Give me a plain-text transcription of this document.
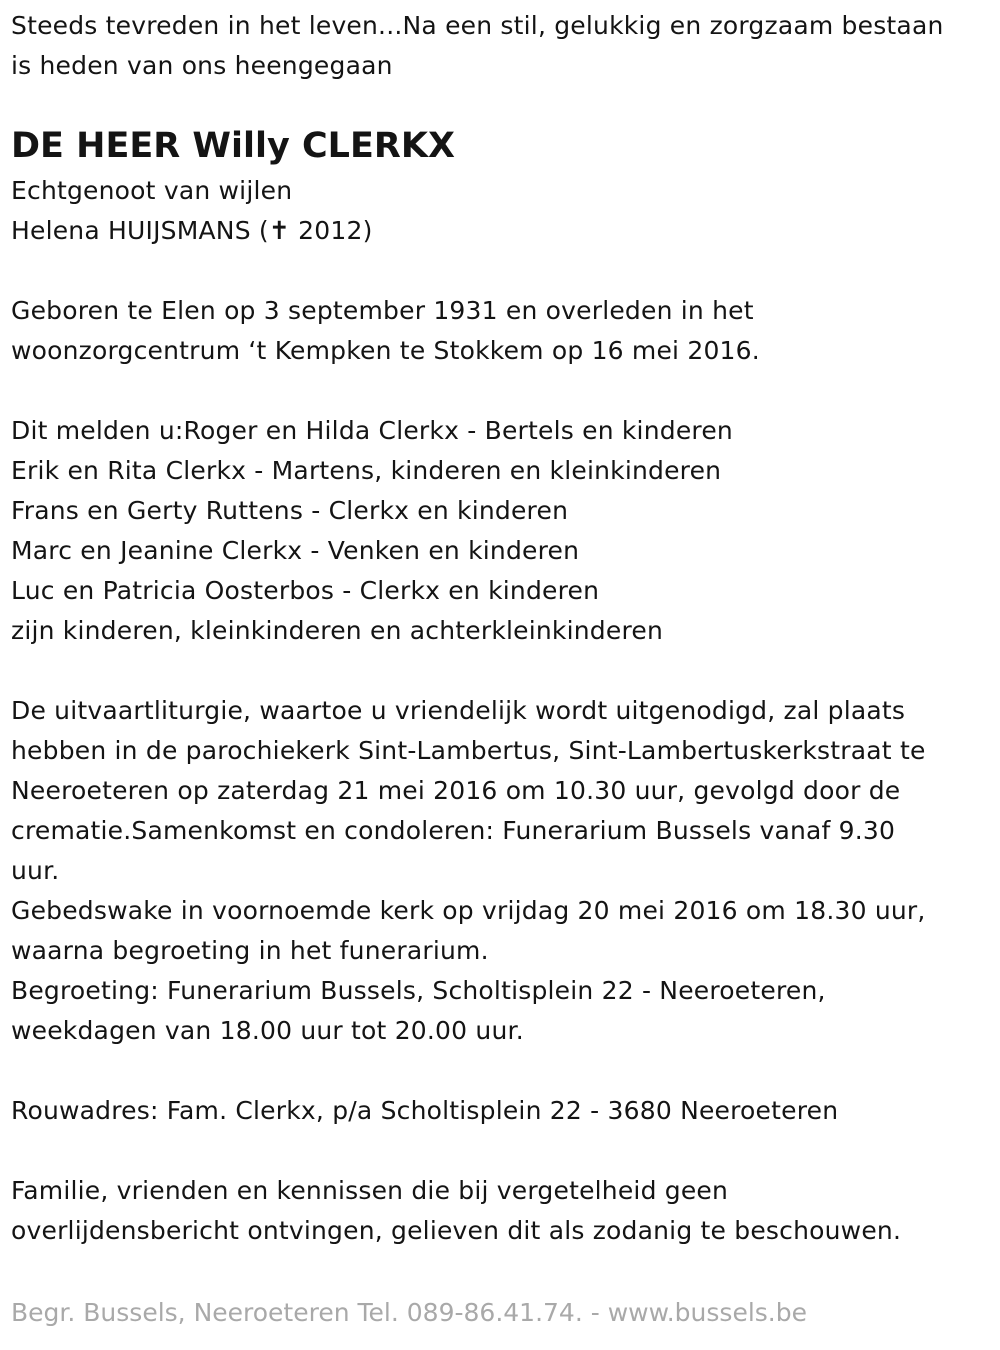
Steeds tevreden in het leven...Na een stil, gelukkig en zorgzaam bestaan
is heden van ons heengegaan
DE HEER Willy CLERKX
Echtgenoot van wijlen
Helena HUIJSMANS (✝ 2012)
Geboren te Elen op 3 september 1931 en overleden in het
woonzorgcentrum ‘t Kempken te Stokkem op 16 mei 2016.
Dit melden u:Roger en Hilda Clerkx - Bertels en kinderen
Erik en Rita Clerkx - Martens, kinderen en kleinkinderen
Frans en Gerty Ruttens - Clerkx en kinderen
Marc en Jeanine Clerkx - Venken en kinderen
Luc en Patricia Oosterbos - Clerkx en kinderen
zijn kinderen, kleinkinderen en achterkleinkinderen
De uitvaartliturgie, waartoe u vriendelijk wordt uitgenodigd, zal plaats
hebben in de parochiekerk Sint-Lambertus, Sint-Lambertuskerkstraat te
Neeroeteren op zaterdag 21 mei 2016 om 10.30 uur, gevolgd door de
crematie.Samenkomst en condoleren: Funerarium Bussels vanaf 9.30
uur.
Gebedswake in voornoemde kerk op vrijdag 20 mei 2016 om 18.30 uur,
waarna begroeting in het funerarium.
Begroeting: Funerarium Bussels, Scholtisplein 22 - Neeroeteren,
weekdagen van 18.00 uur tot 20.00 uur.
Rouwadres: Fam. Clerkx, p/a Scholtisplein 22 - 3680 Neeroeteren
Familie, vrienden en kennissen die bij vergetelheid geen
overlijdensbericht ontvingen, gelieven dit als zodanig te beschouwen.
Begr. Bussels, Neeroeteren Tel. 089-86.41.74. - www.bussels.be
